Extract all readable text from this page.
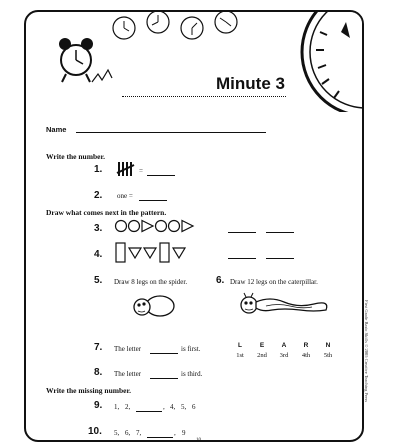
Minute 3
Name
Write the number.
1.	=
2. one =
Draw what comes next in the pattern.
3.
4.
5. Draw 8 legs on the spider.	6. Draw 12 legs on the caterpillar.
7. The letter	is first.	L	E	A	R	N
1st	2nd	3rd	4th	5th
8. The letter	is third.
Write the missing number.
9. 1, 2,	, 4, 5, 6
10. 5, 6, 7,	, 9
10
First Grade Basic Skills © 2005 Creative Teaching Press
